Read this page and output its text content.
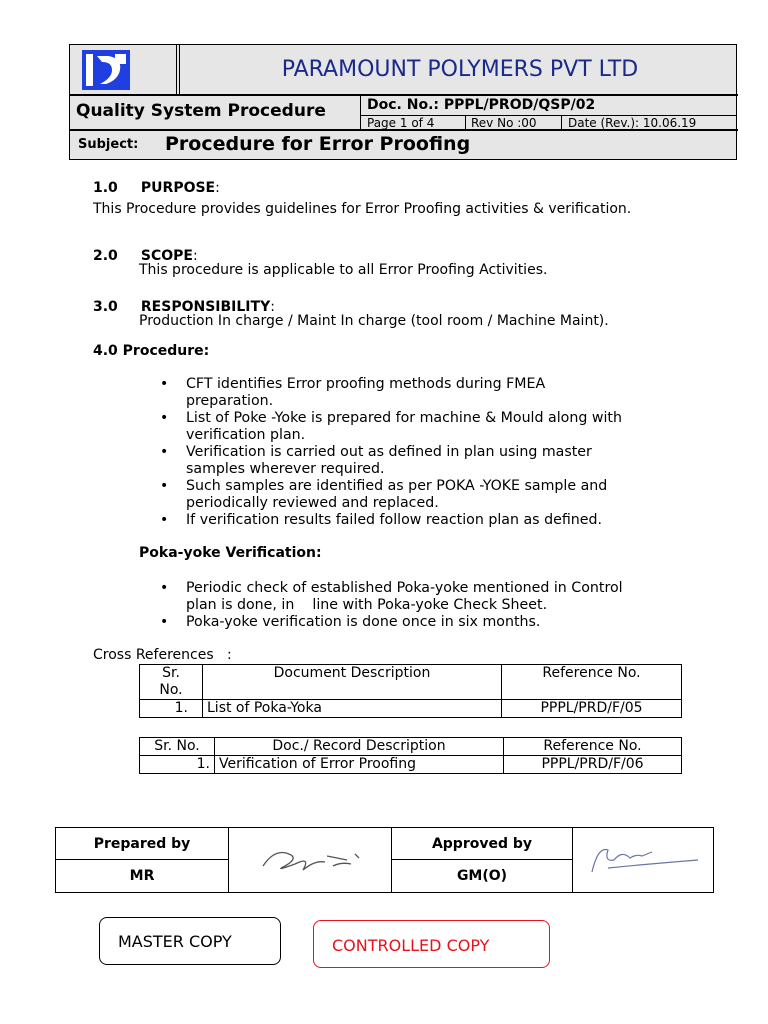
PARAMOUNT POLYMERS PVT LTD
Quality System Procedure	Doc. No.: PPPL/PROD/QSP/02
Page 1 of 4	Rev No :00	Date (Rev.): 10.06.19
Subject: Procedure for Error Proofing
1.0 PURPOSE:
This Procedure provides guidelines for Error Proofing activities & verification.
2.0 SCOPE:
This procedure is applicable to all Error Proofing Activities.
3.0 RESPONSIBILITY:
Production In charge / Maint In charge (tool room / Machine Maint).
4.0 Procedure:
• CFT identifies Error proofing methods during FMEA
preparation.
• List of Poke -Yoke is prepared for machine & Mould along with
verification plan.
• Verification is carried out as defined in plan using master
samples wherever required.
• Such samples are identified as per POKA -YOKE sample and
periodically reviewed and replaced.
• If verification results failed follow reaction plan as defined.
Poka-yoke Verification:
• Periodic check of established Poka-yoke mentioned in Control
plan is done, in    line with Poka-yoke Check Sheet.
• Poka-yoke verification is done once in six months.
Cross References   :
Sr.
No.	Document Description	Reference No.
1.	List of Poka-Yoka	PPPL/PRD/F/05
Sr. No.	Doc./ Record Description	Reference No.
1.	Verification of Error Proofing	PPPL/PRD/F/06
Prepared by		Approved by	
MR		GM(O)	
MASTER COPY	CONTROLLED COPY
